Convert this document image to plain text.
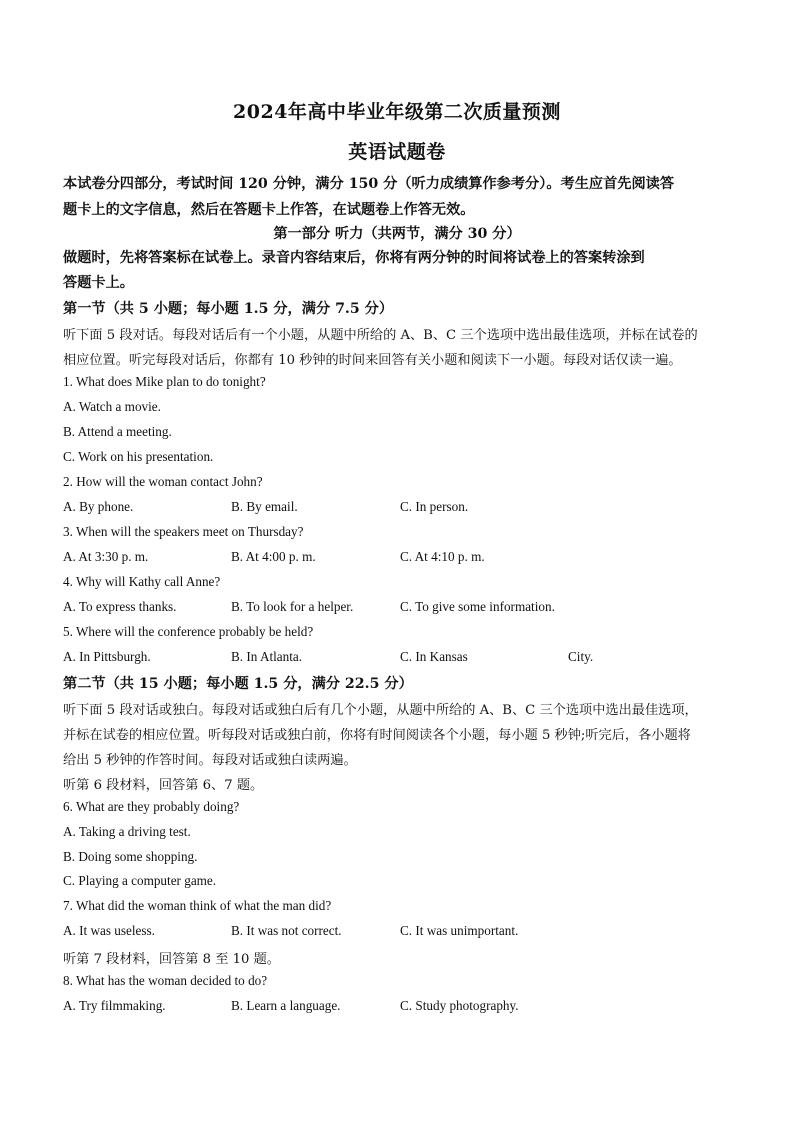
2024年高中毕业年级第二次质量预测
英语试题卷
本试卷分四部分，考试时间 120 分钟，满分 150 分（听力成绩算作参考分）。考生应首先阅读答
题卡上的文字信息，然后在答题卡上作答，在试题卷上作答无效。
第一部分 听力（共两节，满分 30 分）
做题时，先将答案标在试卷上。录音内容结束后，你将有两分钟的时间将试卷上的答案转涂到
答题卡上。
第一节（共 5 小题；每小题 1.5 分，满分 7.5 分）
听下面 5 段对话。每段对话后有一个小题，从题中所给的 A、B、C 三个选项中选出最佳选项，并标在试卷的
相应位置。听完每段对话后，你都有 10 秒钟的时间来回答有关小题和阅读下一小题。每段对话仅读一遍。
1. What does Mike plan to do tonight?
A. Watch a movie.
B. Attend a meeting.
C. Work on his presentation.
2. How will the woman contact John?
A. By phone.	B. By email.	C. In person.
3. When will the speakers meet on Thursday?
A. At 3:30 p. m.	B. At 4:00 p. m.	C. At 4:10 p. m.
4. Why will Kathy call Anne?
A. To express thanks.	B. To look for a helper.	C. To give some information.
5. Where will the conference probably be held?
A. In Pittsburgh.	B. In Atlanta.	C. In Kansas	City.
第二节（共 15 小题；每小题 1.5 分，满分 22.5 分）
听下面 5 段对话或独白。每段对话或独白后有几个小题，从题中所给的 A、B、C 三个选项中选出最佳选项，
并标在试卷的相应位置。听每段对话或独白前，你将有时间阅读各个小题，每小题 5 秒钟;听完后，各小题将
给出 5 秒钟的作答时间。每段对话或独白读两遍。
听第 6 段材料，回答第 6、7 题。
6. What are they probably doing?
A. Taking a driving test.
B. Doing some shopping.
C. Playing a computer game.
7. What did the woman think of what the man did?
A. It was useless.	B. It was not correct.	C. It was unimportant.
听第 7 段材料，回答第 8 至 10 题。
8. What has the woman decided to do?
A. Try filmmaking.	B. Learn a language.	C. Study photography.
